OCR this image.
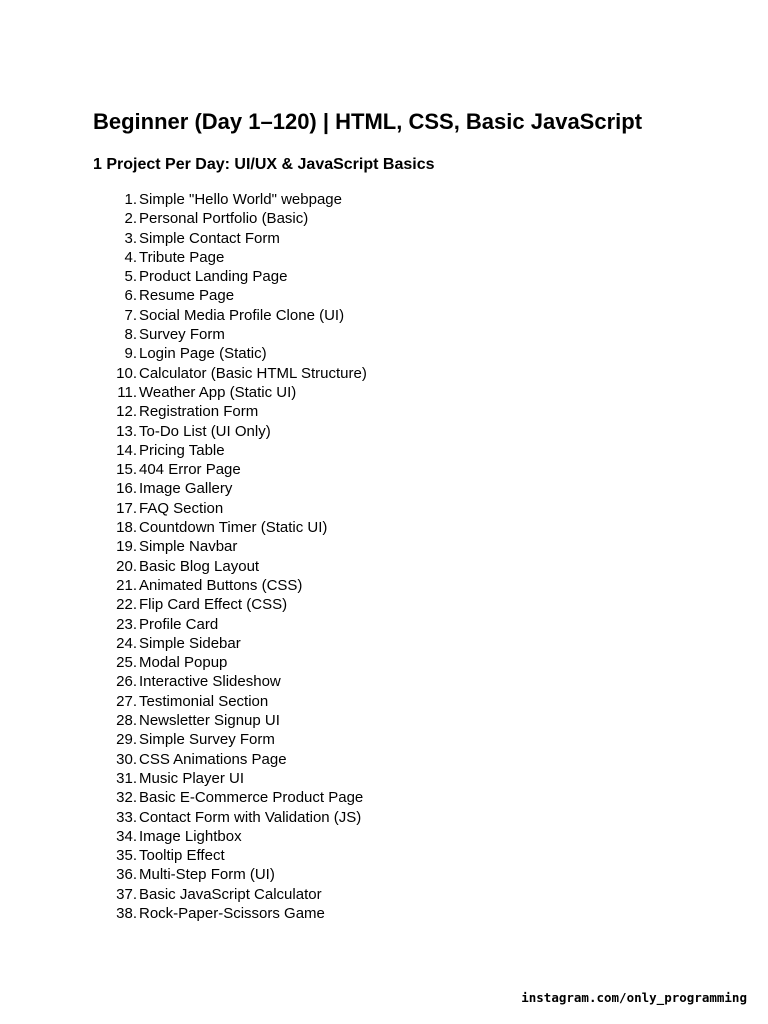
Beginner (Day 1–120) | HTML, CSS, Basic JavaScript
1 Project Per Day: UI/UX & JavaScript Basics
1. Simple "Hello World" webpage
2. Personal Portfolio (Basic)
3. Simple Contact Form
4. Tribute Page
5. Product Landing Page
6. Resume Page
7. Social Media Profile Clone (UI)
8. Survey Form
9. Login Page (Static)
10. Calculator (Basic HTML Structure)
11. Weather App (Static UI)
12. Registration Form
13. To-Do List (UI Only)
14. Pricing Table
15. 404 Error Page
16. Image Gallery
17. FAQ Section
18. Countdown Timer (Static UI)
19. Simple Navbar
20. Basic Blog Layout
21. Animated Buttons (CSS)
22. Flip Card Effect (CSS)
23. Profile Card
24. Simple Sidebar
25. Modal Popup
26. Interactive Slideshow
27. Testimonial Section
28. Newsletter Signup UI
29. Simple Survey Form
30. CSS Animations Page
31. Music Player UI
32. Basic E-Commerce Product Page
33. Contact Form with Validation (JS)
34. Image Lightbox
35. Tooltip Effect
36. Multi-Step Form (UI)
37. Basic JavaScript Calculator
38. Rock-Paper-Scissors Game
instagram.com/only_programming
